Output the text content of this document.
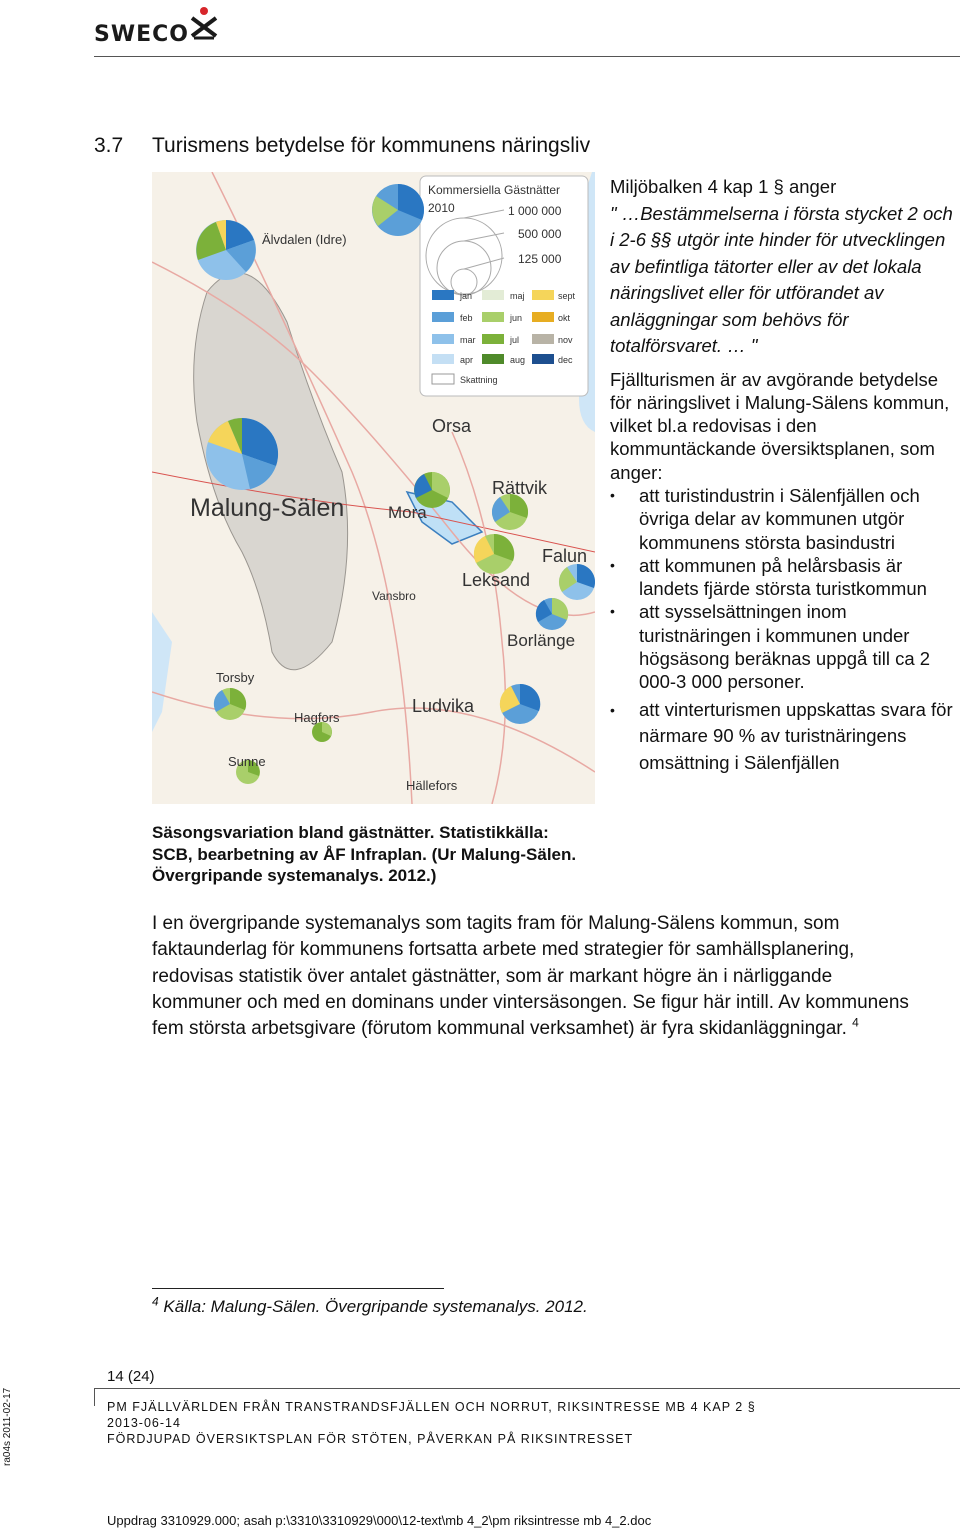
SWECO
3.7 Turismens betydelse för kommunens näringsliv
Kommersiella Gästnätter
2010	1 000 000
500 000
125 000
jan
feb
mar
apr
maj
jun
jul
aug
sept
okt
nov
dec
Skattning
Älvdalen (Idre)
Orsa
Rättvik
Malung-Sälen	Mora
Falun
Leksand
Vansbro
Borlänge
Torsby
Ludvika
Hagfors
Sunne
Hällefors
Säsongsvariation bland gästnätter. Statistikkälla: SCB, bearbetning av ÅF Infraplan. (Ur Malung-Sälen. Övergripande systemanalys. 2012.)
Miljöbalken 4 kap 1 § anger
" …Bestämmelserna i första stycket 2 och i 2-6 §§ utgör inte hinder för utvecklingen av befintliga tätorter eller av det lokala näringslivet eller för utförandet av anläggningar som behövs för totalförsvaret. … "
Fjällturismen är av avgörande betydelse för näringslivet i Malung-Sälens kommun, vilket bl.a redovisas i den kommuntäckande översiktsplanen, som anger:
• att turistindustrin i Sälenfjällen och övriga delar av kommunen utgör kommunens största basindustri
• att kommunen på helårsbasis är landets fjärde största turistkommun
• att sysselsättningen inom turistnäringen i kommunen under högsäsong beräknas uppgå till ca 2 000-3 000 personer.
• att vinterturismen uppskattas svara för närmare 90 % av turistnäringens omsättning i Sälenfjällen
I en övergripande systemanalys som tagits fram för Malung-Sälens kommun, som faktaunderlag för kommunens fortsatta arbete med strategier för samhällsplanering, redovisas statistik över antalet gästnätter, som är markant högre än i närliggande kommuner och med en dominans under vintersäsongen. Se figur här intill. Av kommunens fem största arbetsgivare (förutom kommunal verksamhet) är fyra skidanläggningar. $^4$
$^4$ Källa: Malung-Sälen. Övergripande systemanalys. 2012.
14 (24)
PM FJÄLLVÄRLDEN FRÅN TRANSTRANDSFJÄLLEN OCH NORRUT, RIKSINTRESSE MB 4 KAP 2 §
2013-06-14
FÖRDJUPAD ÖVERSIKTSPLAN FÖR STÖTEN, PÅVERKAN PÅ RIKSINTRESSET
ra04s 2011-02-17
Uppdrag 3310929.000; asah p:\3310\3310929\000\12-text\mb 4_2\pm riksintresse mb 4_2.doc
